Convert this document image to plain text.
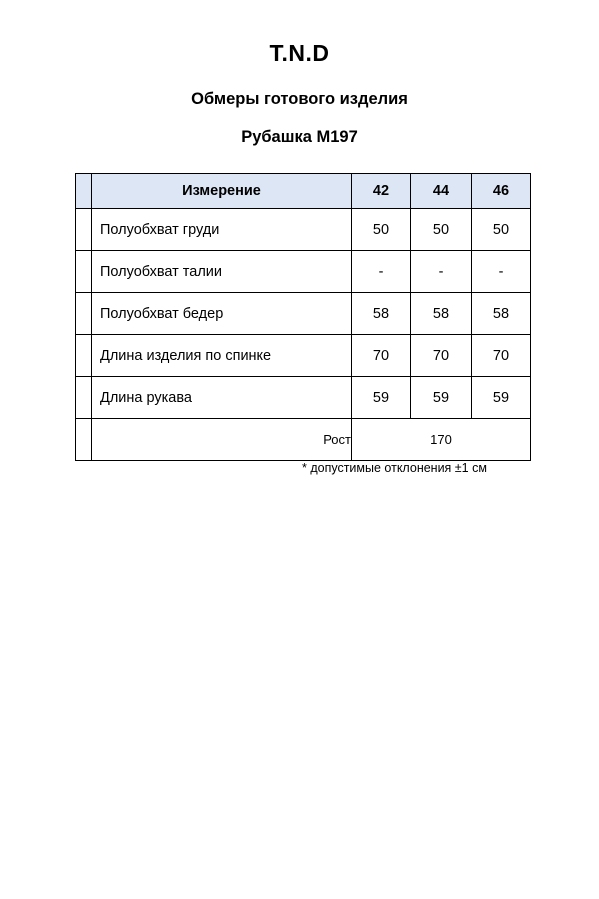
T.N.D
Обмеры готового изделия
Рубашка М197
	Измерение	42	44	46
	Полуобхват груди	50	50	50
	Полуобхват талии	-	-	-
	Полуобхват бедер	58	58	58
	Длина изделия по спинке	70	70	70
	Длина рукава	59	59	59
	Рост	170		
* допустимые отклонения ±1 см
